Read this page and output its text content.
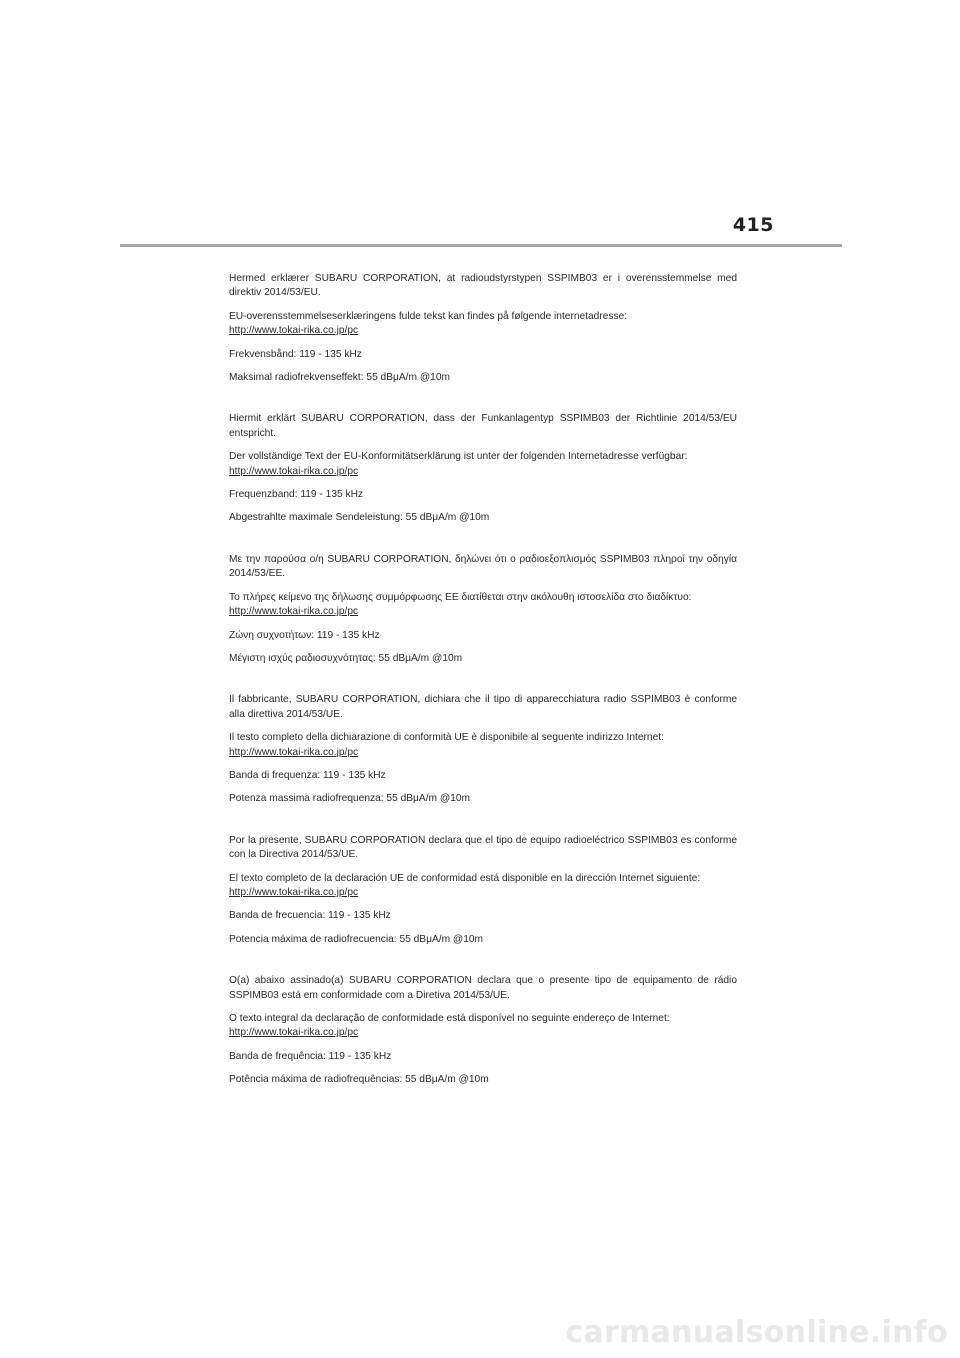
415

Hermed erklærer SUBARU CORPORATION, at radioudstyrstypen SSPIMB03 er i overensstemmelse med direktiv 2014/53/EU.

EU-overensstemmelseserklæringens fulde tekst kan findes på følgende internetadresse:
http://www.tokai-rika.co.jp/pc

Frekvensbånd: 119 - 135 kHz

Maksimal radiofrekvenseffekt: 55 dBμA/m @10m

Hiermit erklärt SUBARU CORPORATION, dass der Funkanlagentyp SSPIMB03 der Richtlinie 2014/53/EU entspricht.

Der vollständige Text der EU-Konformitätserklärung ist unter der folgenden Internetadresse verfügbar:
http://www.tokai-rika.co.jp/pc

Frequenzband: 119 - 135 kHz

Abgestrahlte maximale Sendeleistung: 55 dBμA/m @10m

Με την παρούσα ο/η SUBARU CORPORATION, δηλώνει ότι ο ραδιοεξοπλισμός SSPIMB03 πληροί την οδηγία 2014/53/ΕΕ.

Το πλήρες κείμενο της δήλωσης συμμόρφωσης ΕΕ διατίθεται στην ακόλουθη ιστοσελίδα στο διαδίκτυο:
http://www.tokai-rika.co.jp/pc

Ζώνη συχνοτήτων: 119 - 135 kHz

Μέγιστη ισχύς ραδιοσυχνότητας: 55 dBμA/m @10m

Il fabbricante, SUBARU CORPORATION, dichiara che il tipo di apparecchiatura radio SSPIMB03 è conforme alla direttiva 2014/53/UE.

Il testo completo della dichiarazione di conformità UE è disponibile al seguente indirizzo Internet:
http://www.tokai-rika.co.jp/pc

Banda di frequenza: 119 - 135 kHz

Potenza massima radiofrequenza: 55 dBμA/m @10m

Por la presente, SUBARU CORPORATION declara que el tipo de equipo radioeléctrico SSPIMB03 es conforme con la Directiva 2014/53/UE.

El texto completo de la declaración UE de conformidad está disponible en la dirección Internet siguiente:
http://www.tokai-rika.co.jp/pc

Banda de frecuencia: 119 - 135 kHz

Potencia máxima de radiofrecuencia: 55 dBμA/m @10m

O(a) abaixo assinado(a) SUBARU CORPORATION declara que o presente tipo de equipamento de rádio SSPIMB03 está em conformidade com a Diretiva 2014/53/UE.

O texto integral da declaração de conformidade está disponível no seguinte endereço de Internet:
http://www.tokai-rika.co.jp/pc

Banda de frequência: 119 - 135 kHz

Potência máxima de radiofrequências: 55 dBμA/m @10m

carmanualsonline.info
